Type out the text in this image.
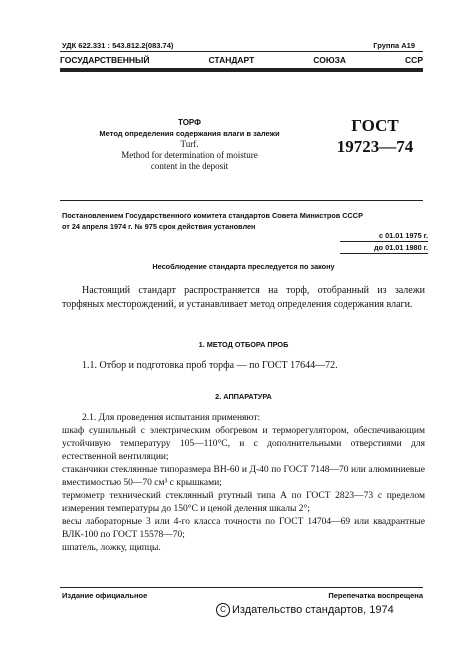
УДК 622.331 : 543.812.2(083.74)	Группа А19
ГОСУДАРСТВЕННЫЙ	СТАНДАРТ	СОЮЗА	ССР
ТОРФ
Метод определения содержания влаги в залежи
Turf.
Method for determination of moisture
content in the deposit
ГОСТ
19723—74
Постановлением Государственного комитета стандартов Совета Министров СССР
от 24 апреля 1974 г. № 975 срок действия установлен
с 01.01 1975 г.
до 01.01 1980 г.
Несоблюдение стандарта преследуется по закону
Настоящий стандарт распространяется на торф, отобранный из залежи торфяных месторождений, и устанавливает метод определения содержания влаги.
1. МЕТОД ОТБОРА ПРОБ
1.1. Отбор и подготовка проб торфа — по ГОСТ 17644—72.
2. АППАРАТУРА

2.1. Для проведения испытания применяют:

шкаф сушильный с электрическим обогревом и терморегулятором, обеспечивающим устойчивую температуру 105—110°С, и с дополнительными отверстиями для естественной вентиляции;

стаканчики стеклянные типоразмера ВН-60 и Д-40 по ГОСТ 7148—70 или алюминиевые вместимостью 50—70 см³ с крышками;

термометр технический стеклянный ртутный типа А по ГОСТ 2823—73 с пределом измерения температуры до 150°С и ценой деления шкалы 2°;

весы лабораторные 3 или 4-го класса точности по ГОСТ 14704—69 или квадрантные ВЛК-100 по ГОСТ 15578—70;

шпатель, ложку, щипцы.

Издание официальное	Перепечатка воспрещена
C Издательство стандартов, 1974
